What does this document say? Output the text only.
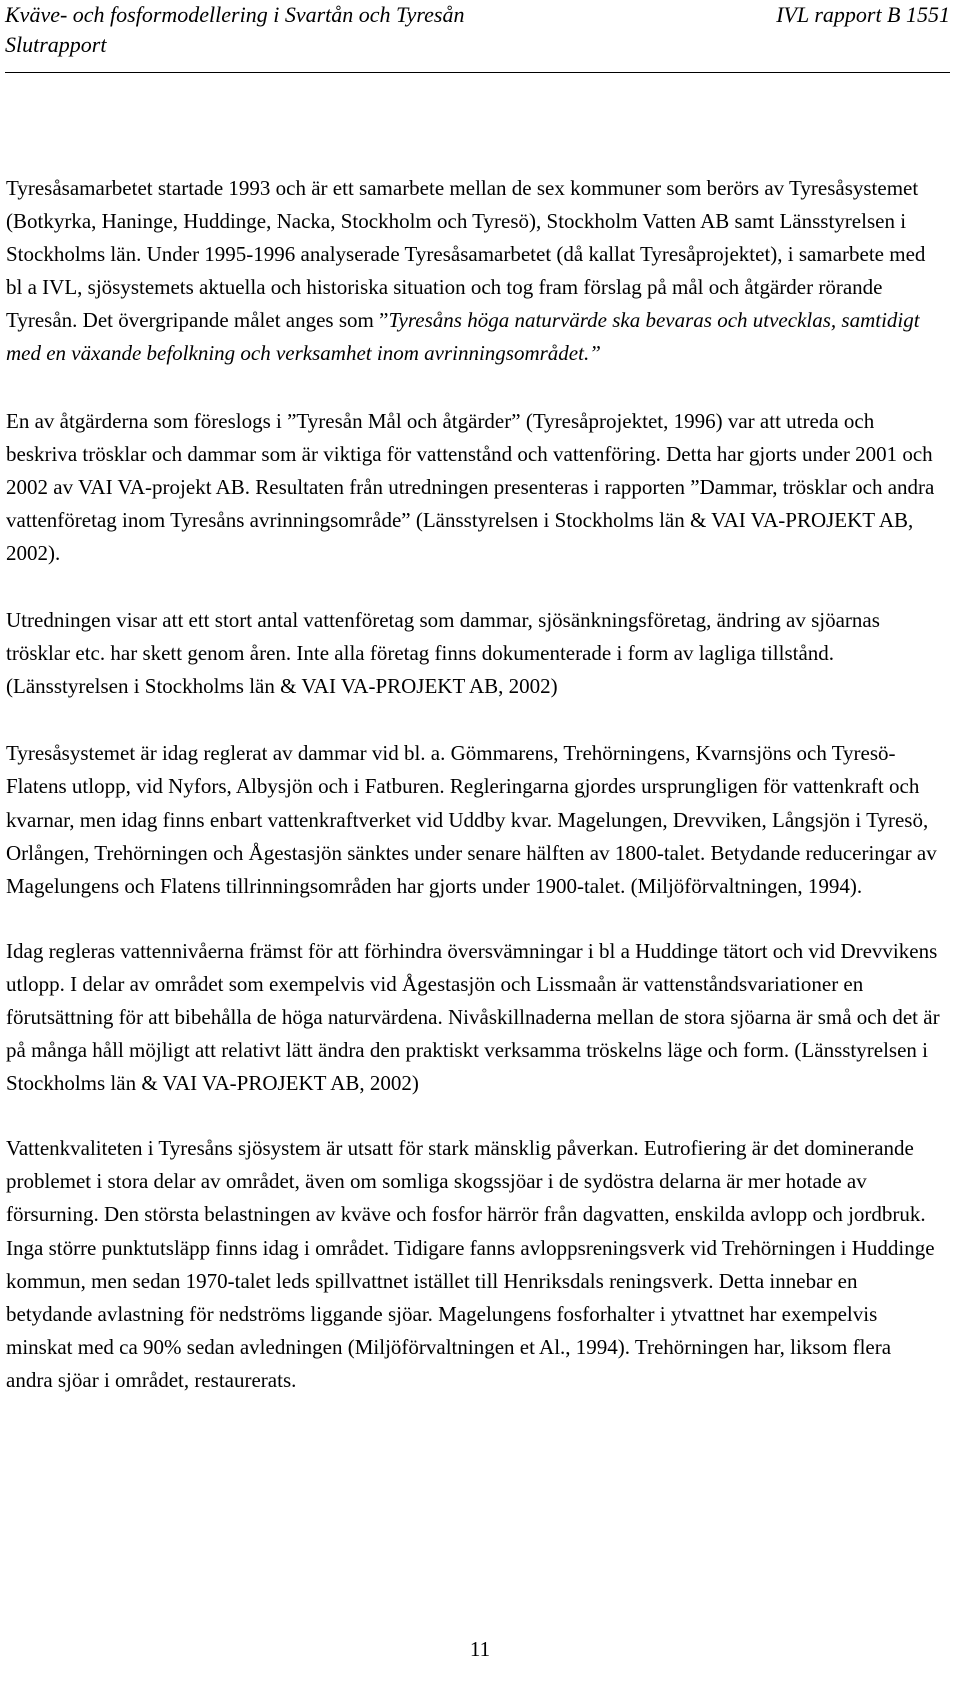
Kväve- och fosformodellering i Svartån och Tyresån	IVL rapport B 1551
Slutrapport

Tyresåsamarbetet startade 1993 och är ett samarbete mellan de sex kommuner som berörs av Tyresåsystemet (Botkyrka, Haninge, Huddinge, Nacka, Stockholm och Tyresö), Stockholm Vatten AB samt Länsstyrelsen i Stockholms län. Under 1995-1996 analyserade Tyresåsamarbetet (då kallat Tyresåprojektet), i samarbete med bl a IVL, sjösystemets aktuella och historiska situation och tog fram förslag på mål och åtgärder rörande Tyresån. Det övergripande målet anges som ”Tyresåns höga naturvärde ska bevaras och utvecklas, samtidigt med en växande befolkning och verksamhet inom avrinningsområdet.”

En av åtgärderna som föreslogs i ”Tyresån Mål och åtgärder” (Tyresåprojektet, 1996) var att utreda och beskriva trösklar och dammar som är viktiga för vattenstånd och vattenföring. Detta har gjorts under 2001 och 2002 av VAI VA-projekt AB. Resultaten från utredningen presenteras i rapporten ”Dammar, trösklar och andra vattenföretag inom Tyresåns avrinningsområde” (Länsstyrelsen i Stockholms län & VAI VA-PROJEKT AB, 2002).

Utredningen visar att ett stort antal vattenföretag som dammar, sjösänkningsföretag, ändring av sjöarnas trösklar etc. har skett genom åren. Inte alla företag finns dokumenterade i form av lagliga tillstånd. (Länsstyrelsen i Stockholms län & VAI VA-PROJEKT AB, 2002)

Tyresåsystemet är idag reglerat av dammar vid bl. a. Gömmarens, Trehörningens, Kvarnsjöns och Tyresö-Flatens utlopp, vid Nyfors, Albysjön och i Fatburen. Regleringarna gjordes ursprungligen för vattenkraft och kvarnar, men idag finns enbart vattenkraftverket vid Uddby kvar. Magelungen, Drevviken, Långsjön i Tyresö, Orlången, Trehörningen och Ågestasjön sänktes under senare hälften av 1800-talet. Betydande reduceringar av Magelungens och Flatens tillrinningsområden har gjorts under 1900-talet. (Miljöförvaltningen, 1994).

Idag regleras vattennivåerna främst för att förhindra översvämningar i bl a Huddinge tätort och vid Drevvikens utlopp. I delar av området som exempelvis vid Ågestasjön och Lissmaån är vattenståndsvariationer en förutsättning för att bibehålla de höga naturvärdena. Nivåskillnaderna mellan de stora sjöarna är små och det är på många håll möjligt att relativt lätt ändra den praktiskt verksamma tröskelns läge och form. (Länsstyrelsen i Stockholms län & VAI VA-PROJEKT AB, 2002)

Vattenkvaliteten i Tyresåns sjösystem är utsatt för stark mänsklig påverkan. Eutrofiering är det dominerande problemet i stora delar av området, även om somliga skogssjöar i de sydöstra delarna är mer hotade av försurning. Den största belastningen av kväve och fosfor härrör från dagvatten, enskilda avlopp och jordbruk. Inga större punktutsläpp finns idag i området. Tidigare fanns avloppsreningsverk vid Trehörningen i Huddinge kommun, men sedan 1970-talet leds spillvattnet istället till Henriksdals reningsverk. Detta innebar en betydande avlastning för nedströms liggande sjöar. Magelungens fosforhalter i ytvattnet har exempelvis minskat med ca 90% sedan avledningen (Miljöförvaltningen et Al., 1994). Trehörningen har, liksom flera andra sjöar i området, restaurerats.

11
